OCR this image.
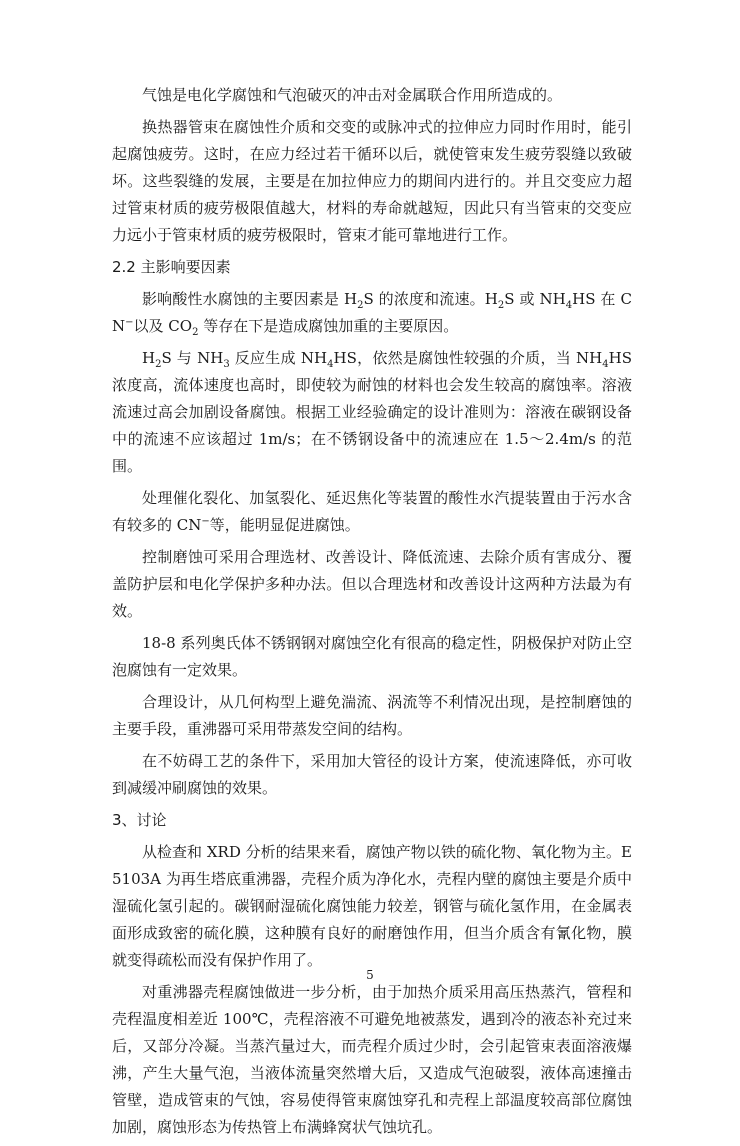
气蚀是电化学腐蚀和气泡破灭的冲击对金属联合作用所造成的。

换热器管束在腐蚀性介质和交变的或脉冲式的拉伸应力同时作用时，能引起腐蚀疲劳。这时，在应力经过若干循环以后，就使管束发生疲劳裂缝以致破坏。这些裂缝的发展，主要是在加拉伸应力的期间内进行的。并且交变应力超过管束材质的疲劳极限值越大，材料的寿命就越短，因此只有当管束的交变应力远小于管束材质的疲劳极限时，管束才能可靠地进行工作。

2.2 主影响要因素

影响酸性水腐蚀的主要因素是 $H_2S$ 的浓度和流速。$H_2S$ 或 $NH_4HS$ 在 CN−以及 $CO_2$ 等存在下是造成腐蚀加重的主要原因。

$H_2S$ 与 $NH_3$ 反应生成 $NH_4HS$，依然是腐蚀性较强的介质，当 $NH_4HS$ 浓度高，流体速度也高时，即使较为耐蚀的材料也会发生较高的腐蚀率。溶液流速过高会加剧设备腐蚀。根据工业经验确定的设计准则为：溶液在碳钢设备中的流速不应该超过 1m/s；在不锈钢设备中的流速应在 1.5～2.4m/s 的范围。

处理催化裂化、加氢裂化、延迟焦化等装置的酸性水汽提装置由于污水含有较多的 CN−等，能明显促进腐蚀。

控制磨蚀可采用合理选材、改善设计、降低流速、去除介质有害成分、覆盖防护层和电化学保护多种办法。但以合理选材和改善设计这两种方法最为有效。

18-8 系列奥氏体不锈钢钢对腐蚀空化有很高的稳定性，阴极保护对防止空泡腐蚀有一定效果。

合理设计，从几何构型上避免湍流、涡流等不利情况出现，是控制磨蚀的主要手段，重沸器可采用带蒸发空间的结构。

在不妨碍工艺的条件下，采用加大管径的设计方案，使流速降低，亦可收到减缓冲刷腐蚀的效果。

3、讨论

从检查和 XRD 分析的结果来看，腐蚀产物以铁的硫化物、氧化物为主。E5103A 为再生塔底重沸器，壳程介质为净化水，壳程内壁的腐蚀主要是介质中湿硫化氢引起的。碳钢耐湿硫化腐蚀能力较差，钢管与硫化氢作用，在金属表面形成致密的硫化膜，这种膜有良好的耐磨蚀作用，但当介质含有氰化物，膜就变得疏松而没有保护作用了。

对重沸器壳程腐蚀做进一步分析，由于加热介质采用高压热蒸汽，管程和壳程温度相差近 100℃，壳程溶液不可避免地被蒸发，遇到冷的液态补充过来后，又部分冷凝。当蒸汽量过大，而壳程介质过少时，会引起管束表面溶液爆沸，产生大量气泡，当液体流量突然增大后，又造成气泡破裂，液体高速撞击管壁，造成管束的气蚀，容易使得管束腐蚀穿孔和壳程上部温度较高部位腐蚀加剧，腐蚀形态为传热管上布满蜂窝状气蚀坑孔。

5
